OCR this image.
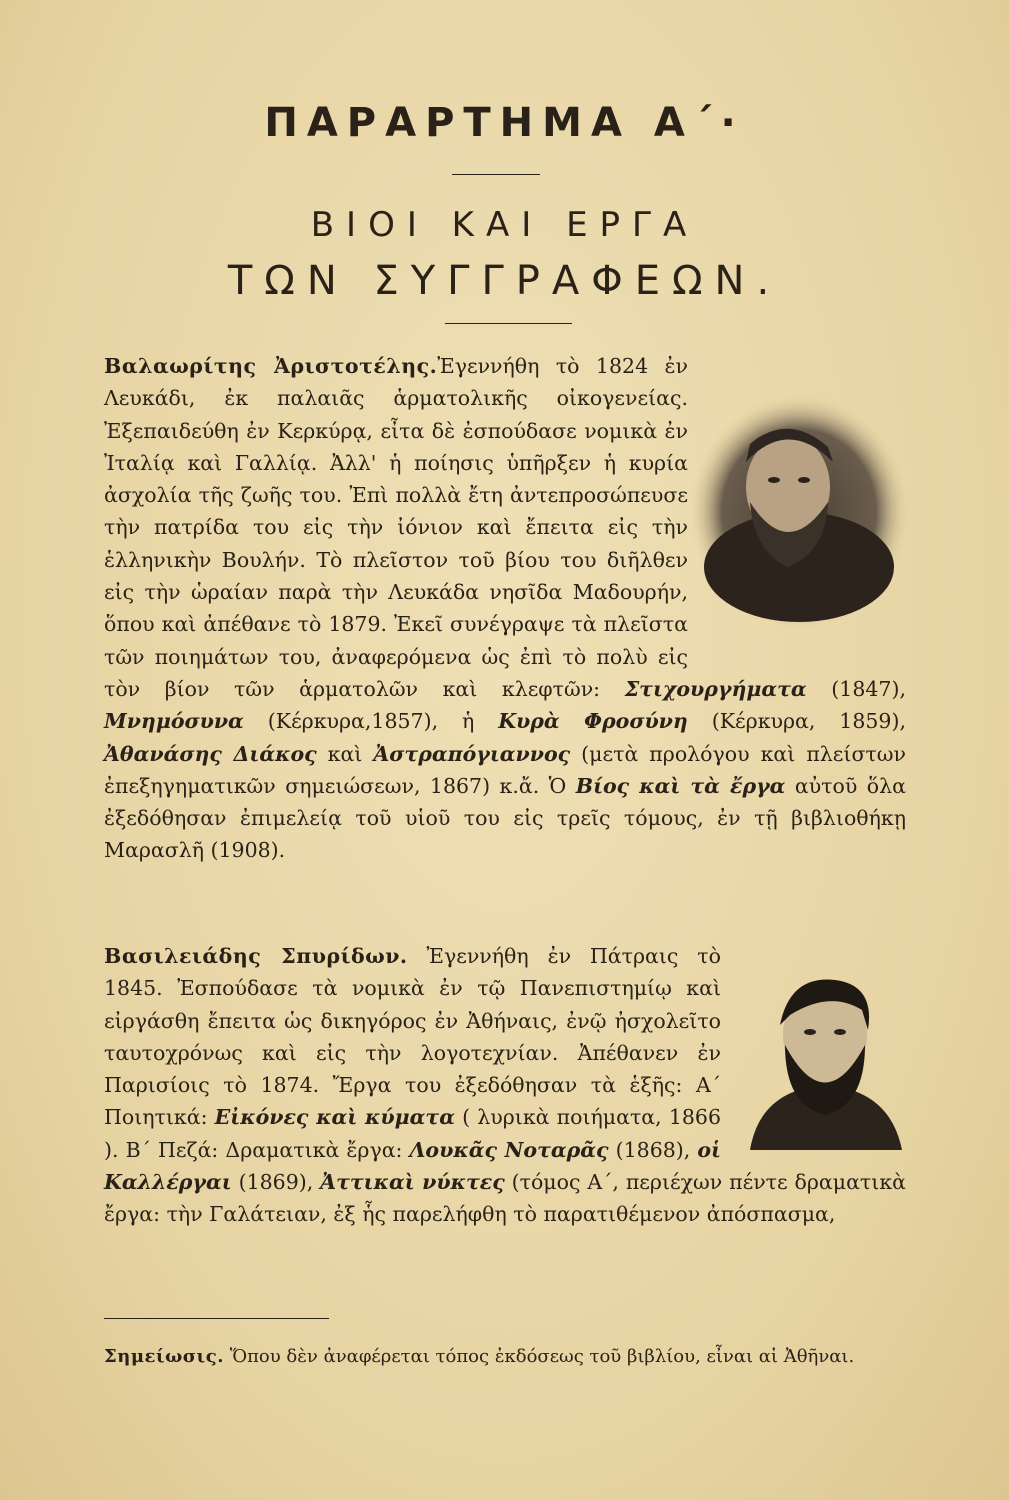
ΠΑΡΑΡΤΗΜΑ Α΄·
ΒΙΟΙ ΚΑΙ ΕΡΓΑ
ΤΩΝ ΣΥΓΓΡΑΦΕΩΝ.

Βαλαωρίτης Ἀριστοτέλης.Ἐγεννήθη τὸ 1824 ἐν Λευκάδι, ἐκ παλαιᾶς ἁρματολικῆς οἰκογενείας. Ἐξεπαιδεύθη ἐν Κερκύρᾳ, εἶτα δὲ ἐσπούδασε νομικὰ ἐν Ἰταλίᾳ καὶ Γαλλίᾳ. Ἀλλ' ἡ ποίησις ὑπῆρξεν ἡ κυρία ἀσχολία τῆς ζωῆς του. Ἐπὶ πολλὰ ἔτη ἀντεπροσώπευσε τὴν πατρίδα του εἰς τὴν ἰόνιον καὶ ἔπειτα εἰς τὴν ἑλληνικὴν Βουλήν. Τὸ πλεῖστον τοῦ βίου του διῆλθεν εἰς τὴν ὡραίαν παρὰ τὴν Λευκάδα νησῖδα Μαδουρήν, ὅπου καὶ ἀπέθανε τὸ 1879. Ἐκεῖ συνέγραψε τὰ πλεῖστα τῶν ποιημάτων του, ἀναφερόμενα ὡς ἐπὶ τὸ πολὺ εἰς τὸν βίον τῶν ἁρματολῶν καὶ κλεφτῶν: Στιχουργήματα (1847), Μνημόσυνα (Κέρκυρα,1857), ἡ Κυρὰ Φροσύνη (Κέρκυρα, 1859), Ἀθανάσης Διάκος καὶ Ἀστραπόγιαννος (μετὰ προλόγου καὶ πλείστων ἐπεξηγηματικῶν σημειώσεων, 1867) κ.ἄ. Ὁ Βίος καὶ τὰ ἔργα αὐτοῦ ὅλα ἐξεδόθησαν ἐπιμελείᾳ τοῦ υἱοῦ του εἰς τρεῖς τόμους, ἐν τῇ βιβλιοθήκῃ Μαρασλῆ (1908).

Βασιλειάδης Σπυρίδων. Ἐγεννήθη ἐν Πάτραις τὸ 1845. Ἐσπούδασε τὰ νομικὰ ἐν τῷ Πανεπιστημίῳ καὶ εἰργάσθη ἔπειτα ὡς δικηγόρος ἐν Ἀθήναις, ἐνῷ ἠσχολεῖτο ταυτοχρόνως καὶ εἰς τὴν λογοτεχνίαν. Ἀπέθανεν ἐν Παρισίοις τὸ 1874. Ἔργα του ἐξεδόθησαν τὰ ἑξῆς: Α΄ Ποιητικά: Εἰκόνες καὶ κύματα ( λυρικὰ ποιήματα, 1866 ). Β΄ Πεζά: Δραματικὰ ἔργα: Λουκᾶς Νοταρᾶς (1868), οἱ Καλλέργαι (1869), Ἀττικαὶ νύκτες (τόμος Α΄, περιέχων πέντε δραματικὰ ἔργα: τὴν Γαλάτειαν, ἐξ ἧς παρελήφθη τὸ παρατιθέμενον ἀπόσπασμα,

Σημείωσις. Ὅπου δὲν ἀναφέρεται τόπος ἐκδόσεως τοῦ βιβλίου, εἶναι αἱ Ἀθῆναι.
